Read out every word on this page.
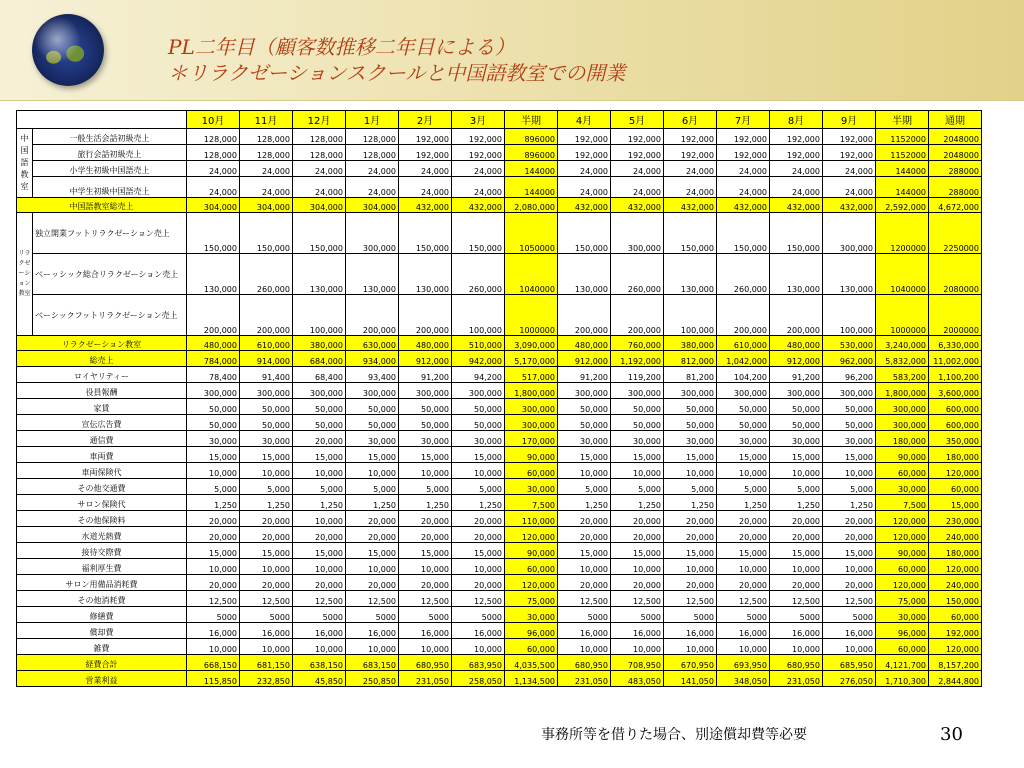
PL二年目（顧客数推移二年目による）
＊リラクゼーションスクールと中国語教室での開業
		10月	11月	12月	1月	2月	3月	半期	4月	5月	6月	7月	8月	9月	半期	通期
中国語教室	一般生活会話初級売上	128,000	128,000	128,000	128,000	192,000	192,000	896000	192,000	192,000	192,000	192,000	192,000	192,000	1152000	2048000
	旅行会話初級売上	128,000	128,000	128,000	128,000	192,000	192,000	896000	192,000	192,000	192,000	192,000	192,000	192,000	1152000	2048000
	小学生初級中国語売上	24,000	24,000	24,000	24,000	24,000	24,000	144000	24,000	24,000	24,000	24,000	24,000	24,000	144000	288000
	中学生初級中国語売上	24,000	24,000	24,000	24,000	24,000	24,000	144000	24,000	24,000	24,000	24,000	24,000	24,000	144000	288000
中国語教室総売上		304,000	304,000	304,000	304,000	432,000	432,000	2,080,000	432,000	432,000	432,000	432,000	432,000	432,000	2,592,000	4,672,000
リラクゼーション教室	独立開業フットリラクゼーション売上	150,000	150,000	150,000	300,000	150,000	150,000	1050000	150,000	300,000	150,000	150,000	150,000	300,000	1200000	2250000
	ベーッシック総合リラクゼーション売上	130,000	260,000	130,000	130,000	130,000	260,000	1040000	130,000	260,000	130,000	260,000	130,000	130,000	1040000	2080000
	ベーシックフットリラクゼーション売上	200,000	200,000	100,000	200,000	200,000	100,000	1000000	200,000	200,000	100,000	200,000	200,000	100,000	1000000	2000000
リラクゼーション教室		480,000	610,000	380,000	630,000	480,000	510,000	3,090,000	480,000	760,000	380,000	610,000	480,000	530,000	3,240,000	6,330,000
総売上		784,000	914,000	684,000	934,000	912,000	942,000	5,170,000	912,000	1,192,000	812,000	1,042,000	912,000	962,000	5,832,000	11,002,000
ロイヤリティー		78,400	91,400	68,400	93,400	91,200	94,200	517,000	91,200	119,200	81,200	104,200	91,200	96,200	583,200	1,100,200
役員報酬		300,000	300,000	300,000	300,000	300,000	300,000	1,800,000	300,000	300,000	300,000	300,000	300,000	300,000	1,800,000	3,600,000
家賃		50,000	50,000	50,000	50,000	50,000	50,000	300,000	50,000	50,000	50,000	50,000	50,000	50,000	300,000	600,000
宣伝広告費		50,000	50,000	50,000	50,000	50,000	50,000	300,000	50,000	50,000	50,000	50,000	50,000	50,000	300,000	600,000
通信費		30,000	30,000	20,000	30,000	30,000	30,000	170,000	30,000	30,000	30,000	30,000	30,000	30,000	180,000	350,000
車両費		15,000	15,000	15,000	15,000	15,000	15,000	90,000	15,000	15,000	15,000	15,000	15,000	15,000	90,000	180,000
車両保険代		10,000	10,000	10,000	10,000	10,000	10,000	60,000	10,000	10,000	10,000	10,000	10,000	10,000	60,000	120,000
その他交通費		5,000	5,000	5,000	5,000	5,000	5,000	30,000	5,000	5,000	5,000	5,000	5,000	5,000	30,000	60,000
サロン保険代		1,250	1,250	1,250	1,250	1,250	1,250	7,500	1,250	1,250	1,250	1,250	1,250	1,250	7,500	15,000
その他保険料		20,000	20,000	10,000	20,000	20,000	20,000	110,000	20,000	20,000	20,000	20,000	20,000	20,000	120,000	230,000
水道光熱費		20,000	20,000	20,000	20,000	20,000	20,000	120,000	20,000	20,000	20,000	20,000	20,000	20,000	120,000	240,000
接待交際費		15,000	15,000	15,000	15,000	15,000	15,000	90,000	15,000	15,000	15,000	15,000	15,000	15,000	90,000	180,000
福利厚生費		10,000	10,000	10,000	10,000	10,000	10,000	60,000	10,000	10,000	10,000	10,000	10,000	10,000	60,000	120,000
サロン用備品消耗費		20,000	20,000	20,000	20,000	20,000	20,000	120,000	20,000	20,000	20,000	20,000	20,000	20,000	120,000	240,000
その他消耗費		12,500	12,500	12,500	12,500	12,500	12,500	75,000	12,500	12,500	12,500	12,500	12,500	12,500	75,000	150,000
修繕費		5000	5000	5000	5000	5000	5000	30,000	5000	5000	5000	5000	5000	5000	30,000	60,000
償却費		16,000	16,000	16,000	16,000	16,000	16,000	96,000	16,000	16,000	16,000	16,000	16,000	16,000	96,000	192,000
雑費		10,000	10,000	10,000	10,000	10,000	10,000	60,000	10,000	10,000	10,000	10,000	10,000	10,000	60,000	120,000
経費合計		668,150	681,150	638,150	683,150	680,950	683,950	4,035,500	680,950	708,950	670,950	693,950	680,950	685,950	4,121,700	8,157,200
営業利益		115,850	232,850	45,850	250,850	231,050	258,050	1,134,500	231,050	483,050	141,050	348,050	231,050	276,050	1,710,300	2,844,800
事務所等を借りた場合、別途償却費等必要	30
